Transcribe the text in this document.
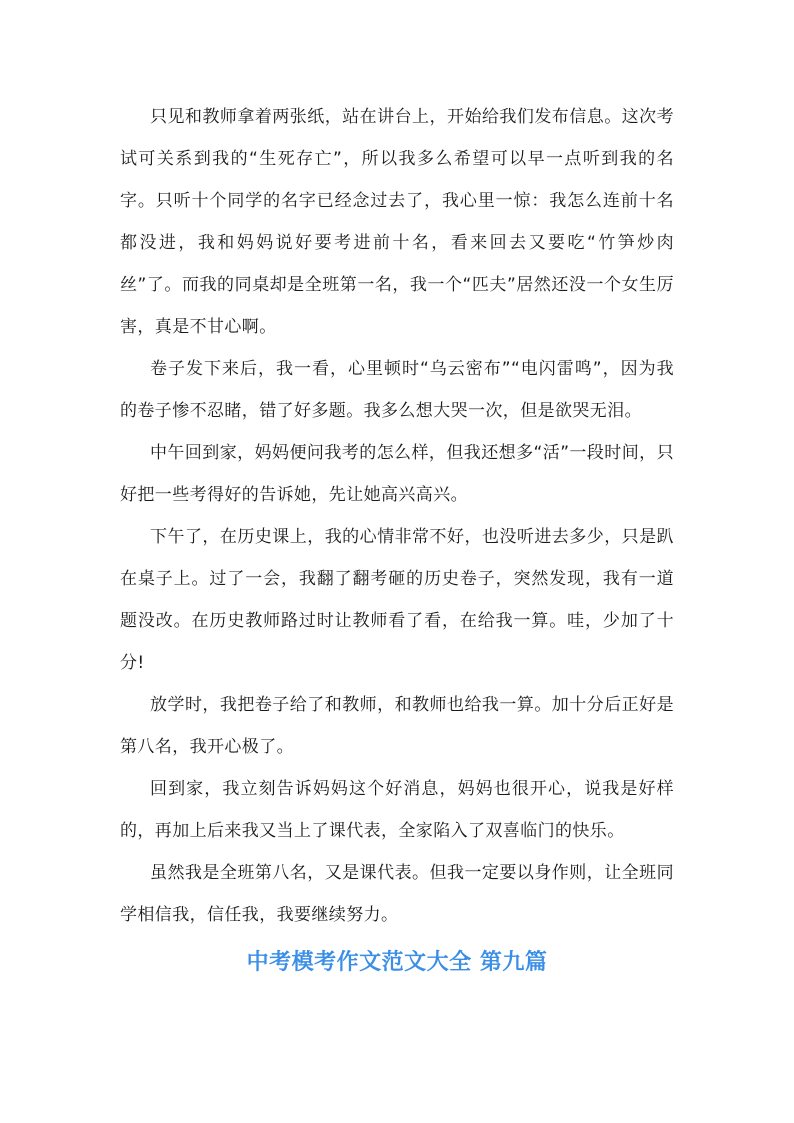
只见和教师拿着两张纸，站在讲台上，开始给我们发布信息。这次考试可关系到我的“生死存亡”，所以我多么希望可以早一点听到我的名字。只听十个同学的名字已经念过去了，我心里一惊：我怎么连前十名都没进，我和妈妈说好要考进前十名，看来回去又要吃“竹笋炒肉丝”了。而我的同桌却是全班第一名，我一个“匹夫”居然还没一个女生厉害，真是不甘心啊。

卷子发下来后，我一看，心里顿时“乌云密布”“电闪雷鸣”，因为我的卷子惨不忍睹，错了好多题。我多么想大哭一次，但是欲哭无泪。

中午回到家，妈妈便问我考的怎么样，但我还想多“活”一段时间，只好把一些考得好的告诉她，先让她高兴高兴。

下午了，在历史课上，我的心情非常不好，也没听进去多少，只是趴在桌子上。过了一会，我翻了翻考砸的历史卷子，突然发现，我有一道题没改。在历史教师路过时让教师看了看，在给我一算。哇，少加了十分!

放学时，我把卷子给了和教师，和教师也给我一算。加十分后正好是第八名，我开心极了。

回到家，我立刻告诉妈妈这个好消息，妈妈也很开心，说我是好样的，再加上后来我又当上了课代表，全家陷入了双喜临门的快乐。

虽然我是全班第八名，又是课代表。但我一定要以身作则，让全班同学相信我，信任我，我要继续努力。

中考模考作文范文大全 第九篇
